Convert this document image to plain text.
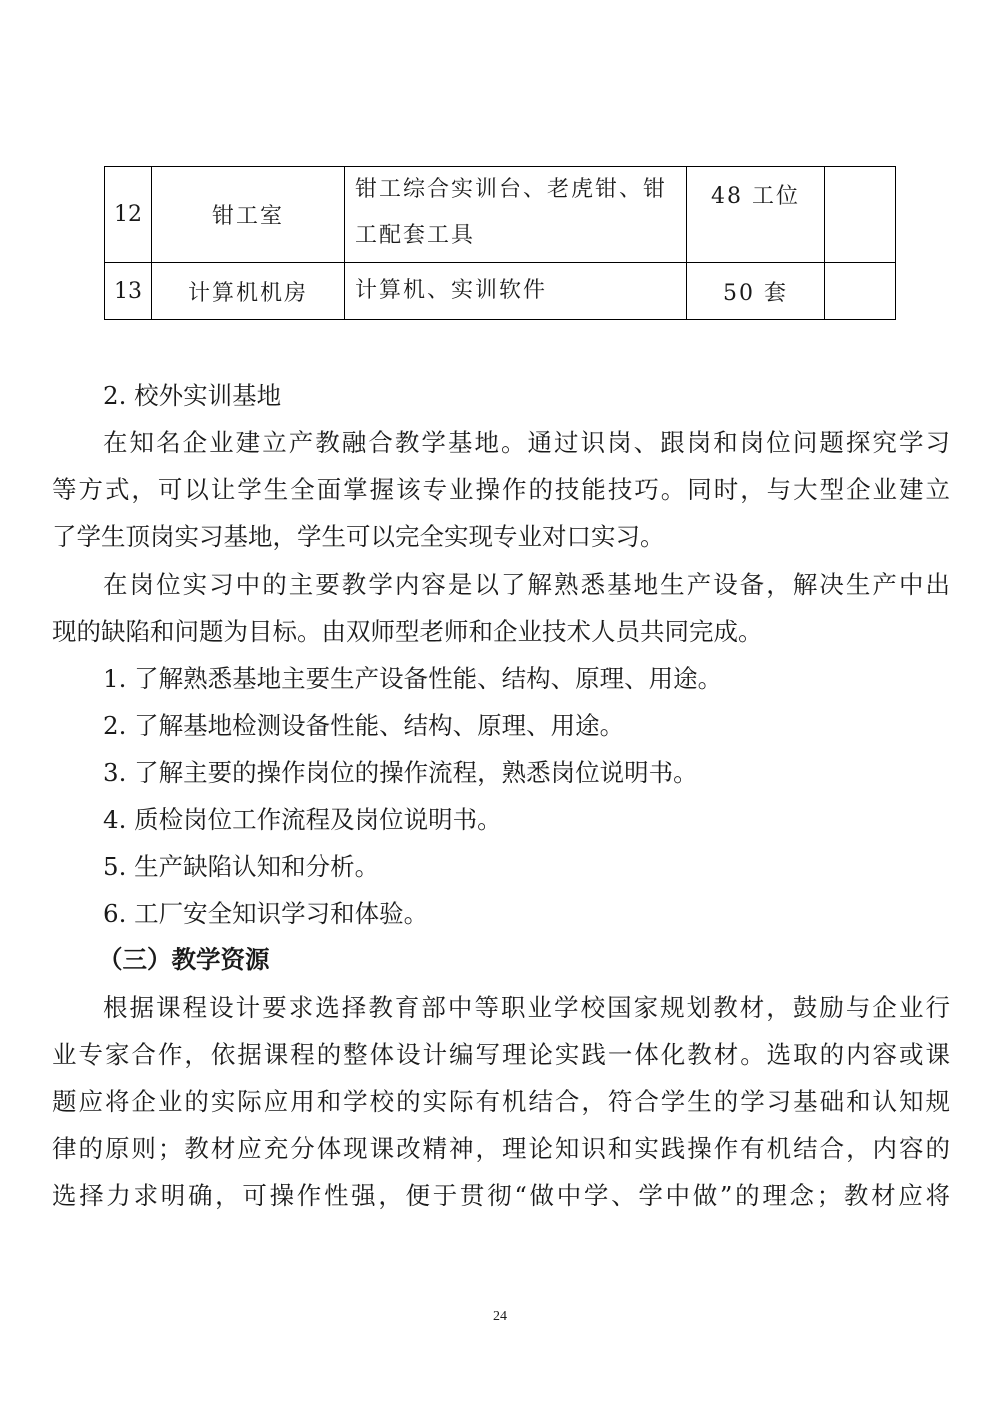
12	钳工室	钳工综合实训台、老虎钳、钳
工配套工具	48 工位	
13	计算机机房	计算机、实训软件	50 套	
2. 校外实训基地
在知名企业建立产教融合教学基地。通过识岗、跟岗和岗位问题探究学习
等方式，可以让学生全面掌握该专业操作的技能技巧。同时，与大型企业建立
了学生顶岗实习基地，学生可以完全实现专业对口实习。
在岗位实习中的主要教学内容是以了解熟悉基地生产设备，解决生产中出
现的缺陷和问题为目标。由双师型老师和企业技术人员共同完成。
1. 了解熟悉基地主要生产设备性能、结构、原理、用途。
2. 了解基地检测设备性能、结构、原理、用途。
3. 了解主要的操作岗位的操作流程，熟悉岗位说明书。
4. 质检岗位工作流程及岗位说明书。
5. 生产缺陷认知和分析。
6. 工厂安全知识学习和体验。
（三）教学资源
根据课程设计要求选择教育部中等职业学校国家规划教材，鼓励与企业行
业专家合作，依据课程的整体设计编写理论实践一体化教材。选取的内容或课
题应将企业的实际应用和学校的实际有机结合，符合学生的学习基础和认知规
律的原则；教材应充分体现课改精神，理论知识和实践操作有机结合，内容的
选择力求明确，可操作性强，便于贯彻“做中学、学中做”的理念；教材应将
24
